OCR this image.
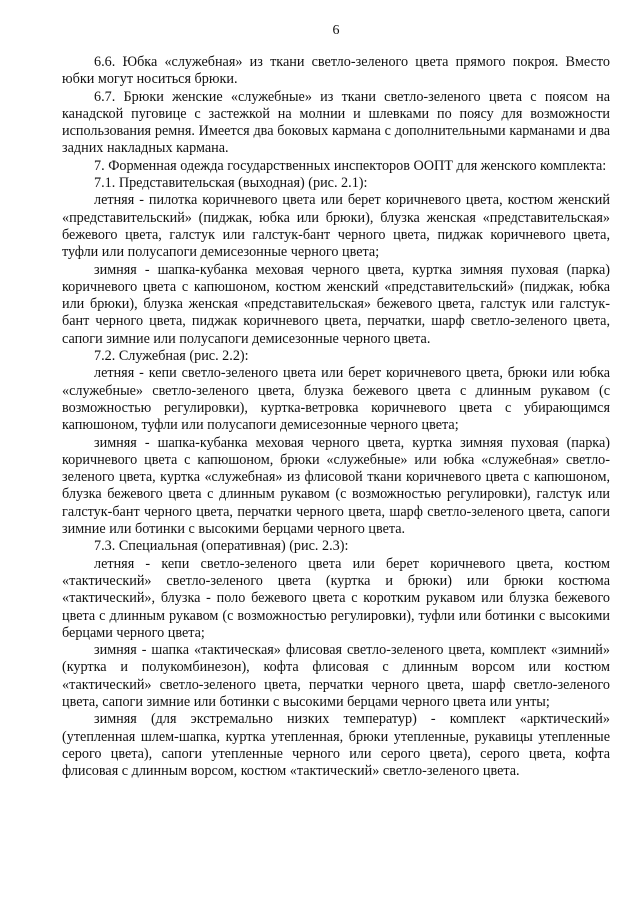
6

6.6. Юбка «служебная» из ткани светло-зеленого цвета прямого покроя. Вместо юбки могут носиться брюки.

6.7. Брюки женские «служебные» из ткани светло-зеленого цвета с поясом на канадской пуговице с застежкой на молнии и шлевками по поясу для возможности использования ремня. Имеется два боковых кармана с дополнительными карманами и два задних накладных кармана.

7. Форменная одежда государственных инспекторов ООПТ для женского комплекта:

7.1. Представительская (выходная) (рис. 2.1):

летняя - пилотка коричневого цвета или берет коричневого цвета, костюм женский «представительский» (пиджак, юбка или брюки), блузка женская «представительская» бежевого цвета, галстук или галстук-бант черного цвета, пиджак коричневого цвета, туфли или полусапоги демисезонные черного цвета;

зимняя - шапка-кубанка меховая черного цвета, куртка зимняя пуховая (парка) коричневого цвета с капюшоном, костюм женский «представительский» (пиджак, юбка или брюки), блузка женская «представительская» бежевого цвета, галстук или галстук-бант черного цвета, пиджак коричневого цвета, перчатки, шарф светло-зеленого цвета, сапоги зимние или полусапоги демисезонные черного цвета.

7.2. Служебная (рис. 2.2):

летняя - кепи светло-зеленого цвета или берет коричневого цвета, брюки или юбка «служебные» светло-зеленого цвета, блузка бежевого цвета с длинным рукавом (с возможностью регулировки), куртка-ветровка коричневого цвета с убирающимся капюшоном, туфли или полусапоги демисезонные черного цвета;

зимняя - шапка-кубанка меховая черного цвета, куртка зимняя пуховая (парка) коричневого цвета с капюшоном, брюки «служебные» или юбка «служебная» светло-зеленого цвета, куртка «служебная» из флисовой ткани коричневого цвета с капюшоном, блузка бежевого цвета с длинным рукавом (с возможностью регулировки), галстук или галстук-бант черного цвета, перчатки черного цвета, шарф светло-зеленого цвета, сапоги зимние или ботинки с высокими берцами черного цвета.

7.3. Специальная (оперативная) (рис. 2.3):

летняя - кепи светло-зеленого цвета или берет коричневого цвета, костюм «тактический» светло-зеленого цвета (куртка и брюки) или брюки костюма «тактический», блузка - поло бежевого цвета с коротким рукавом или блузка бежевого цвета с длинным рукавом (с возможностью регулировки), туфли или ботинки с высокими берцами черного цвета;

зимняя - шапка «тактическая» флисовая светло-зеленого цвета, комплект «зимний» (куртка и полукомбинезон), кофта флисовая с длинным ворсом или костюм «тактический» светло-зеленого цвета, перчатки черного цвета, шарф светло-зеленого цвета, сапоги зимние или ботинки с высокими берцами черного цвета или унты;

зимняя (для экстремально низких температур) - комплект «арктический» (утепленная шлем-шапка, куртка утепленная, брюки утепленные, рукавицы утепленные серого цвета), сапоги утепленные черного или серого цвета), серого цвета, кофта флисовая с длинным ворсом, костюм «тактический» светло-зеленого цвета.
